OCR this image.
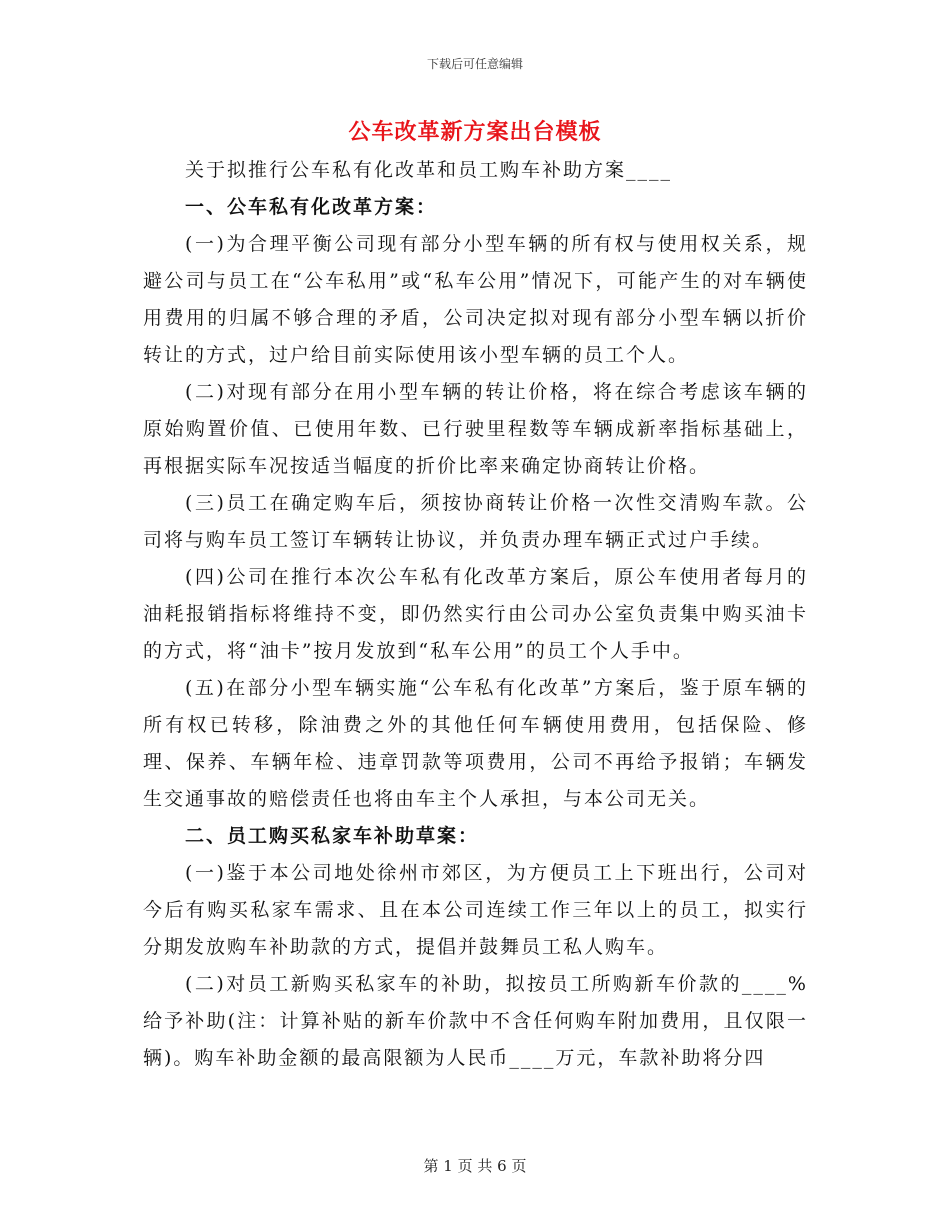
下载后可任意编辑
公车改革新方案出台模板

关于拟推行公车私有化改革和员工购车补助方案____

一、公车私有化改革方案：

(一)为合理平衡公司现有部分小型车辆的所有权与使用权关系，规避公司与员工在“公车私用”或“私车公用”情况下，可能产生的对车辆使用费用的归属不够合理的矛盾，公司决定拟对现有部分小型车辆以折价转让的方式，过户给目前实际使用该小型车辆的员工个人。

(二)对现有部分在用小型车辆的转让价格，将在综合考虑该车辆的原始购置价值、已使用年数、已行驶里程数等车辆成新率指标基础上，再根据实际车况按适当幅度的折价比率来确定协商转让价格。

(三)员工在确定购车后，须按协商转让价格一次性交清购车款。公司将与购车员工签订车辆转让协议，并负责办理车辆正式过户手续。

(四)公司在推行本次公车私有化改革方案后，原公车使用者每月的油耗报销指标将维持不变，即仍然实行由公司办公室负责集中购买油卡的方式，将“油卡”按月发放到“私车公用”的员工个人手中。

(五)在部分小型车辆实施“公车私有化改革”方案后，鉴于原车辆的所有权已转移，除油费之外的其他任何车辆使用费用，包括保险、修理、保养、车辆年检、违章罚款等项费用，公司不再给予报销；车辆发生交通事故的赔偿责任也将由车主个人承担，与本公司无关。

二、员工购买私家车补助草案：

(一)鉴于本公司地处徐州市郊区，为方便员工上下班出行，公司对今后有购买私家车需求、且在本公司连续工作三年以上的员工，拟实行分期发放购车补助款的方式，提倡并鼓舞员工私人购车。

(二)对员工新购买私家车的补助，拟按员工所购新车价款的____%给予补助(注：计算补贴的新车价款中不含任何购车附加费用，且仅限一辆)。购车补助金额的最高限额为人民币____万元，车款补助将分四

第 1 页 共 6 页
